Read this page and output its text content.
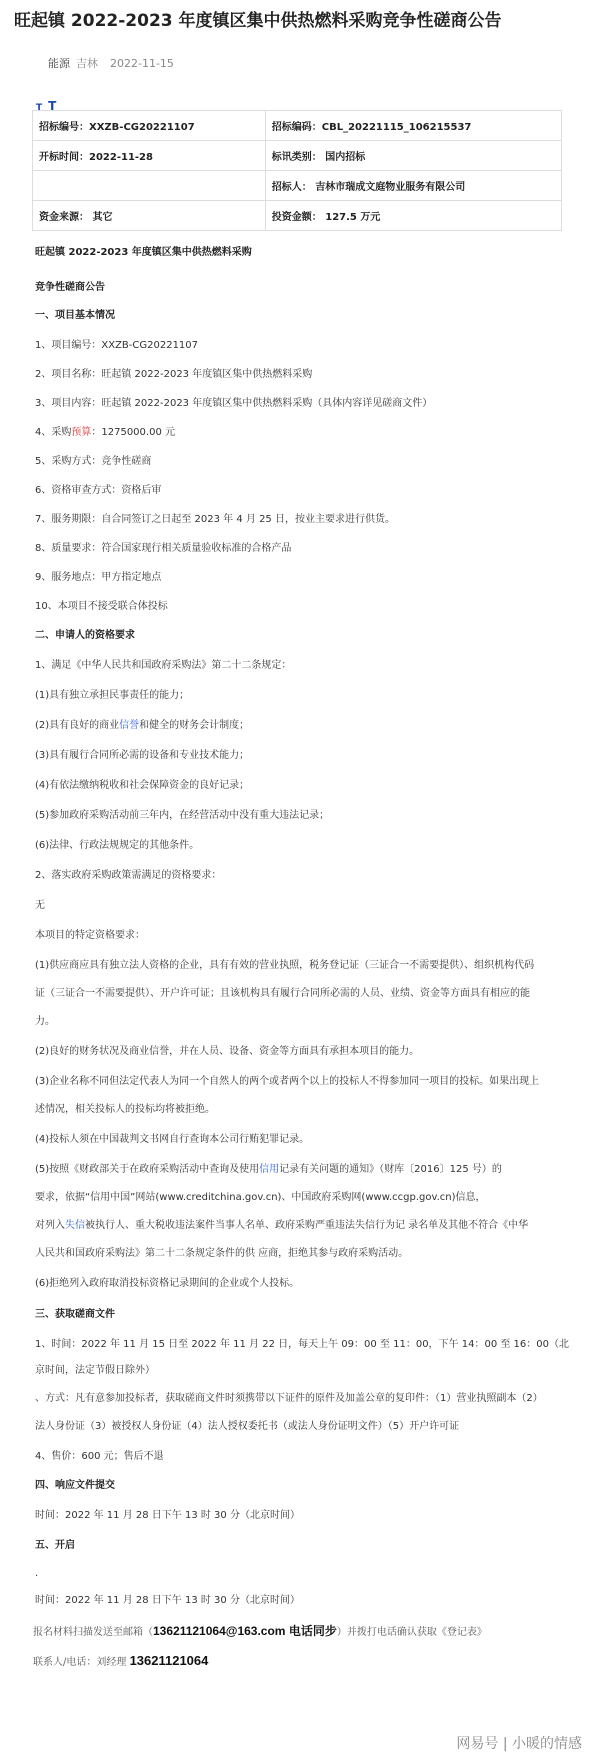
旺起镇 2022-2023 年度镇区集中供热燃料采购竞争性磋商公告
能源 吉林 2022-11-15
T T
招标编号：XXZB-CG20221107	招标编码：CBL_20221115_106215537
开标时间：2022-11-28	标讯类别： 国内招标
	招标人： 吉林市瑞成文庭物业服务有限公司
资金来源： 其它	投资金额： 127.5 万元
旺起镇 2022-2023 年度镇区集中供热燃料采购
竞争性磋商公告
一、项目基本情况
1、项目编号：XXZB-CG20221107
2、项目名称：旺起镇 2022-2023 年度镇区集中供热燃料采购
3、项目内容：旺起镇 2022-2023 年度镇区集中供热燃料采购（具体内容详见磋商文件）
4、采购预算：1275000.00 元
5、采购方式：竞争性磋商
6、资格审查方式：资格后审
7、服务期限：自合同签订之日起至 2023 年 4 月 25 日，按业主要求进行供货。
8、质量要求：符合国家现行相关质量验收标准的合格产品
9、服务地点：甲方指定地点
10、本项目不接受联合体投标
二、申请人的资格要求
1、满足《中华人民共和国政府采购法》第二十二条规定：
(1)具有独立承担民事责任的能力；
(2)具有良好的商业信誉和健全的财务会计制度；
(3)具有履行合同所必需的设备和专业技术能力；
(4)有依法缴纳税收和社会保障资金的良好记录；
(5)参加政府采购活动前三年内，在经营活动中没有重大违法记录；
(6)法律、行政法规规定的其他条件。
2、落实政府采购政策需满足的资格要求：
无
本项目的特定资格要求：
(1)供应商应具有独立法人资格的企业，具有有效的营业执照，税务登记证（三证合一不需要提供）、组织机构代码
证（三证合一不需要提供）、开户许可证；且该机构具有履行合同所必需的人员、业绩、资金等方面具有相应的能
力。
(2)良好的财务状况及商业信誉，并在人员、设备、资金等方面具有承担本项目的能力。
(3)企业名称不同但法定代表人为同一个自然人的两个或者两个以上的投标人不得参加同一项目的投标。如果出现上
述情况，相关投标人的投标均将被拒绝。
(4)投标人须在中国裁判文书网自行查询本公司行贿犯罪记录。
(5)按照《财政部关于在政府采购活动中查询及使用信用记录有关问题的通知》（财库〔2016〕125 号）的
要求，依据“信用中国”网站(www.creditchina.gov.cn)、中国政府采购网(www.ccgp.gov.cn)信息，
对列入失信被执行人、重大税收违法案件当事人名单、政府采购严重违法失信行为记 录名单及其他不符合《中华
人民共和国政府采购法》第二十二条规定条件的供 应商，拒绝其参与政府采购活动。
(6)拒绝列入政府取消投标资格记录期间的企业或个人投标。
三、获取磋商文件
1、时间：2022 年 11 月 15 日至 2022 年 11 月 22 日，每天上午 09：00 至 11：00，下午 14：00 至 16：00（北
京时间，法定节假日除外）
、方式：凡有意参加投标者，获取磋商文件时须携带以下证件的原件及加盖公章的复印件：（1）营业执照副本（2）
法人身份证（3）被授权人身份证（4）法人授权委托书（或法人身份证明文件）（5）开户许可证
4、售价：600 元；售后不退
四、响应文件提交
时间：2022 年 11 月 28 日下午 13 时 30 分（北京时间）
五、开启
.
时间：2022 年 11 月 28 日下午 13 时 30 分（北京时间）
报名材料扫描发送至邮箱（13621121064@163.com 电话同步）并拨打电话确认获取《登记表》
联系人/电话：刘经理 13621121064
网易号 | 小暖的情感
